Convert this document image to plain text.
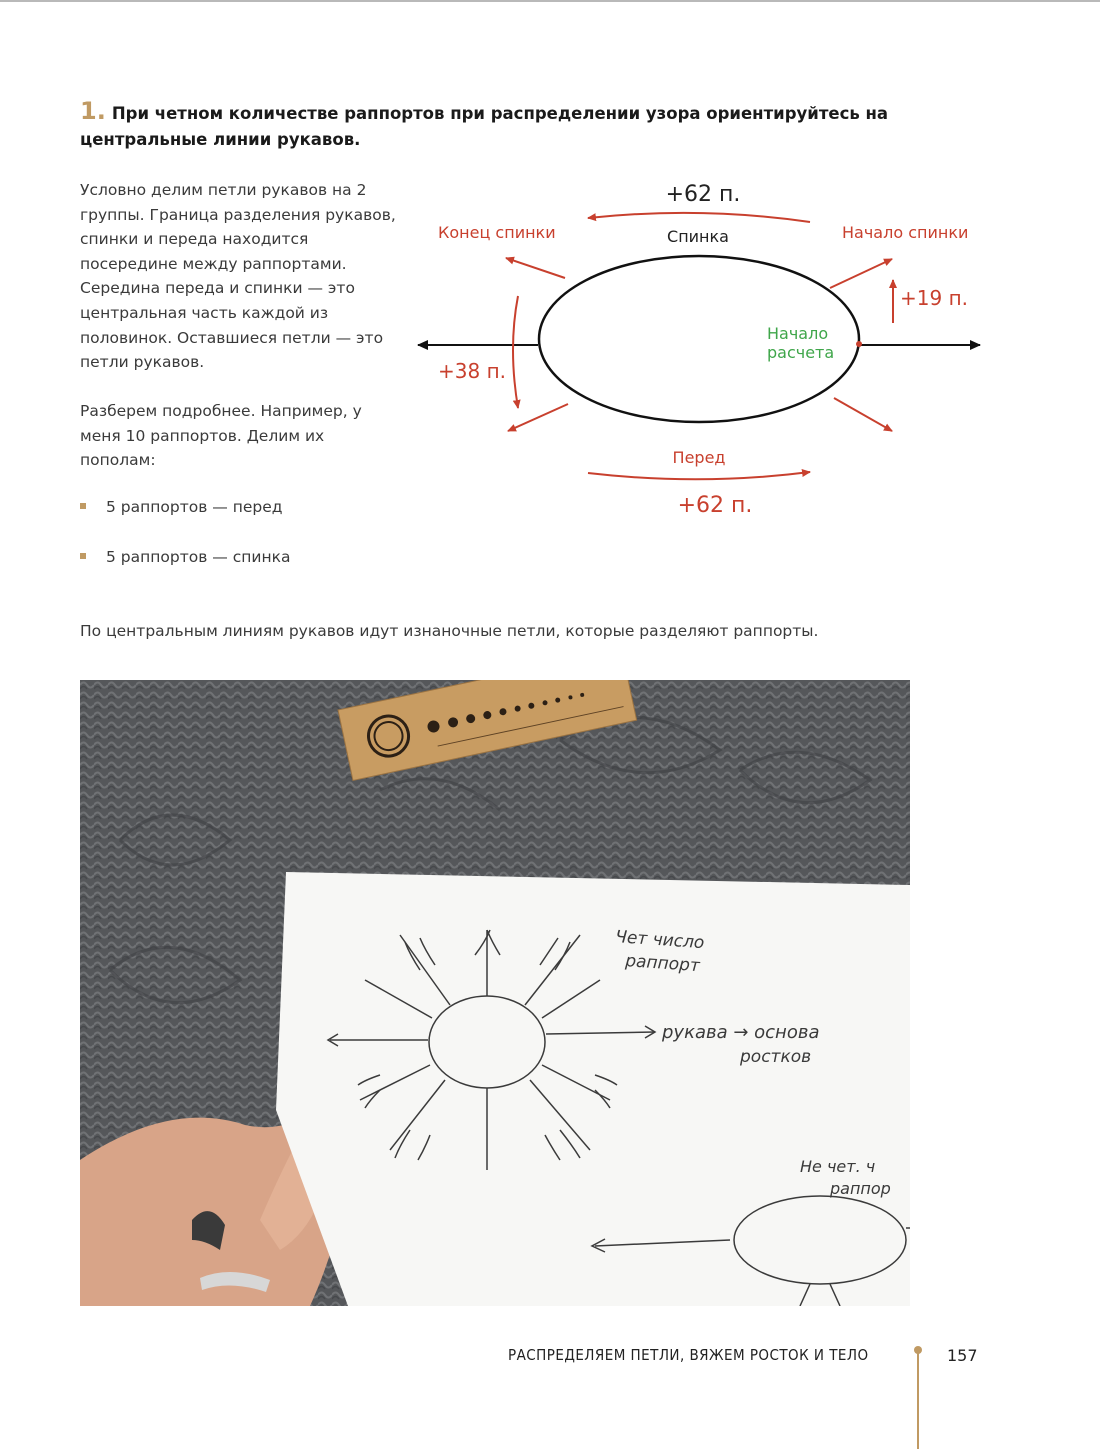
1. При четном количестве раппортов при распределении узора ориентируйтесь на центральные линии рукавов.
Условно делим петли рукавов на 2 группы. Граница разделения рукавов, спинки и переда находится посередине между раппортами. Середина переда и спинки — это центральная часть каждой из половинок. Оставшиеся петли — это петли рукавов.
Разберем подробнее. Например, у меня 10 раппортов. Делим их пополам:
5 раппортов — перед
5 раппортов — спинка
По центральным линиям рукавов идут изнаночные петли, которые разделяют раппорты.
+62 п.
Спинка
Конец спинки	Начало спинки
+19 п.
Начало
расчета
+38 п.
Перед
+62 п.
Чет число
раппорт
рукава → основа
ростков
Не чет. ч
раппор
РАСПРЕДЕЛЯЕМ ПЕТЛИ, ВЯЖЕМ РОСТОК И ТЕЛО	157
